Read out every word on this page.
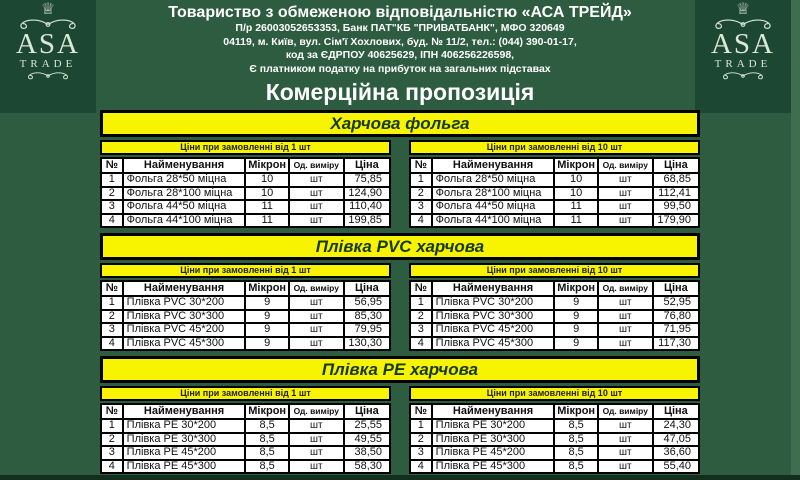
♕
ASA
TRADE
♕
ASA
TRADE
Товариство з обмеженою відповідальністю «АСА ТРЕЙД»
П/р 26003052653353, Банк ПАТ"КБ "ПРИВАТБАНК", МФО 320649
04119, м. Київ, вул. Сім'ї Хохлових, буд. № 11/2, тел.: (044) 390-01-17,
код за ЄДРПОУ 40625629, ІПН 406256226598,
Є платником податку на прибуток на загальних підставах
Комерційна пропозиція
Харчова фольга
Ціни при замовленні від 1 шт
№	Найменування	Мікрон	Од. виміру	Ціна
1	Фольга 28*50 міцна	10	шт	75,85
2	Фольга 28*100 міцна	10	шт	124,90
3	Фольга 44*50 міцна	11	шт	110,40
4	Фольга 44*100 міцна	11	шт	199,85
Ціни при замовленні від 10 шт
№	Найменування	Мікрон	Од. виміру	Ціна
1	Фольга 28*50 міцна	10	шт	68,85
2	Фольга 28*100 міцна	10	шт	112,41
3	Фольга 44*50 міцна	11	шт	99,50
4	Фольга 44*100 міцна	11	шт	179,90
Плівка PVC харчова
Ціни при замовленні від 1 шт
№	Найменування	Мікрон	Од. виміру	Ціна
1	Плівка PVC 30*200	9	шт	56,95
2	Плівка PVC 30*300	9	шт	85,30
3	Плівка PVC 45*200	9	шт	79,95
4	Плівка PVC 45*300	9	шт	130,30
Ціни при замовленні від 10 шт
№	Найменування	Мікрон	Од. виміру	Ціна
1	Плівка PVC 30*200	9	шт	52,95
2	Плівка PVC 30*300	9	шт	76,80
3	Плівка PVC 45*200	9	шт	71,95
4	Плівка PVC 45*300	9	шт	117,30
Плівка PE харчова
Ціни при замовленні від 1 шт
№	Найменування	Мікрон	Од. виміру	Ціна
1	Плівка PE 30*200	8,5	шт	25,55
2	Плівка PE 30*300	8,5	шт	49,55
3	Плівка PE 45*200	8,5	шт	38,50
4	Плівка PE 45*300	8,5	шт	58,30
Ціни при замовленні від 10 шт
№	Найменування	Мікрон	Од. виміру	Ціна
1	Плівка PE 30*200	8,5	шт	24,30
2	Плівка PE 30*300	8,5	шт	47,05
3	Плівка PE 45*200	8,5	шт	36,60
4	Плівка PE 45*300	8,5	шт	55,40
